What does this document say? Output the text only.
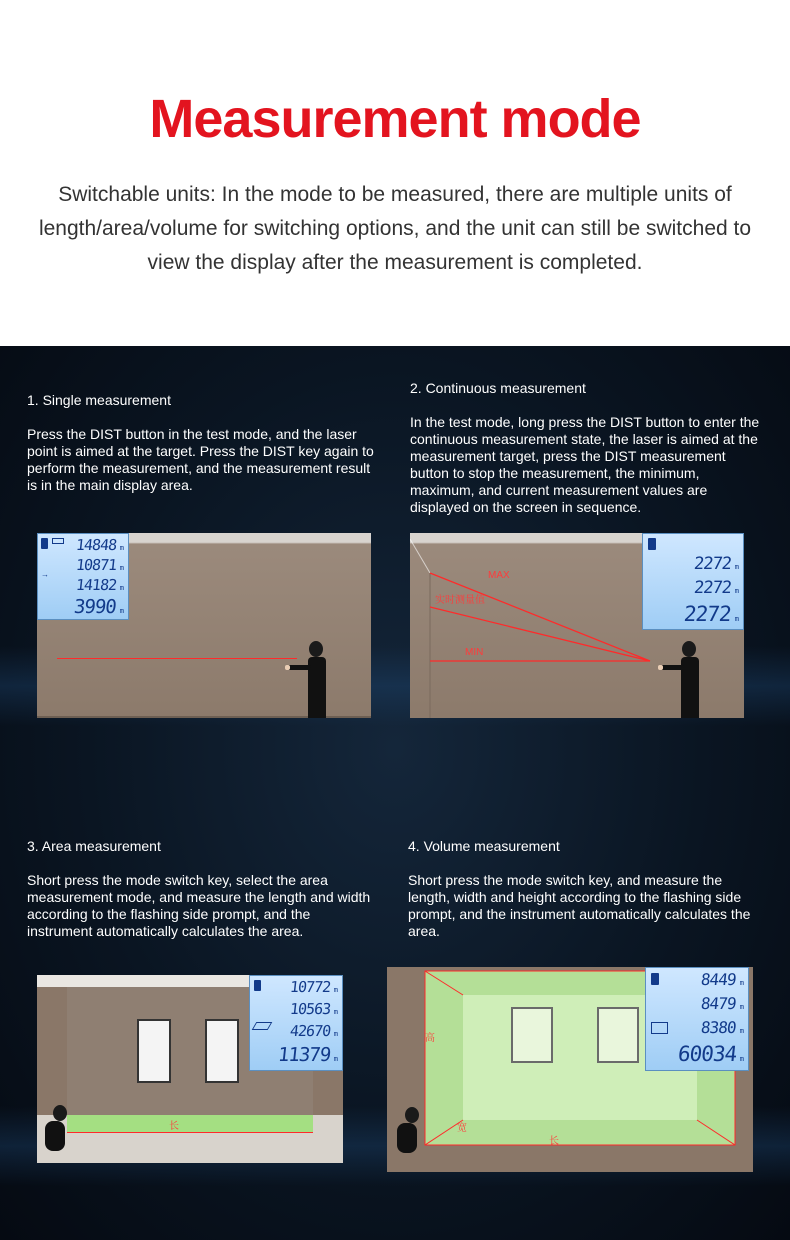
Measurement mode
Switchable units: In the mode to be measured, there are multiple units of length/area/volume for switching options, and the unit can still be switched to view the display after the measurement is completed.
1. Single measurement
Press the DIST button in the test mode, and the laser point is aimed at the target. Press the DIST key again to perform the measurement, and the measurement result is in the main display area.
→
14848 m
10871 m
14182 m
3990 m
2. Continuous measurement
In the test mode, long press the DIST button to enter the continuous measurement state, the laser is aimed at the measurement target, press the DIST measurement button to stop the measurement, the minimum, maximum, and current measurement values are displayed on the screen in sequence.
MAX
实时测量值
MIN
2272 m
2272 m
2272 m
3. Area measurement
Short press the mode switch key, select the area measurement mode, and measure the length and width according to the flashing side prompt, and the instrument automatically calculates the area.
长
10772 m
10563 m
42670 m
11379 m
4. Volume measurement
Short press the mode switch key, and measure the length, width and height according to the flashing side prompt, and the instrument automatically calculates the area.
高
宽
长
8449 m
8479 m
8380 m
60034 m
